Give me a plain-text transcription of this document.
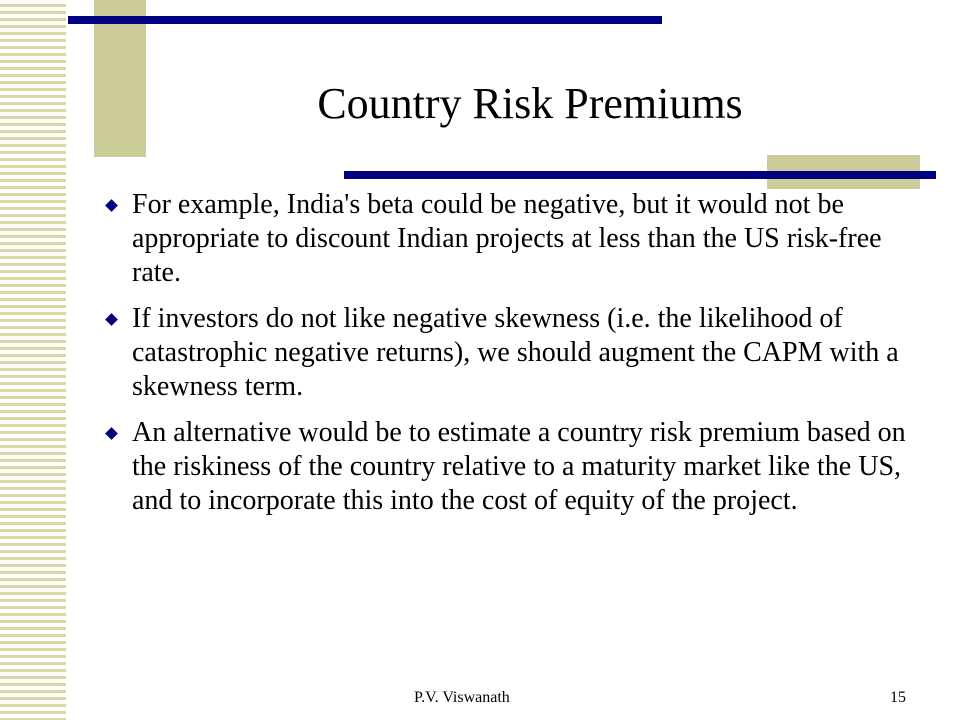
Country Risk Premiums
For example, India's beta could be negative, but it would not be appropriate to discount Indian projects at less than the US risk-free rate.
If investors do not like negative skewness (i.e. the likelihood of catastrophic negative returns), we should augment the CAPM with a skewness term.
An alternative would be to estimate a country risk premium based on the riskiness of the country relative to a maturity market like the US, and to incorporate this into the cost of equity of the project.
P.V. Viswanath	15
